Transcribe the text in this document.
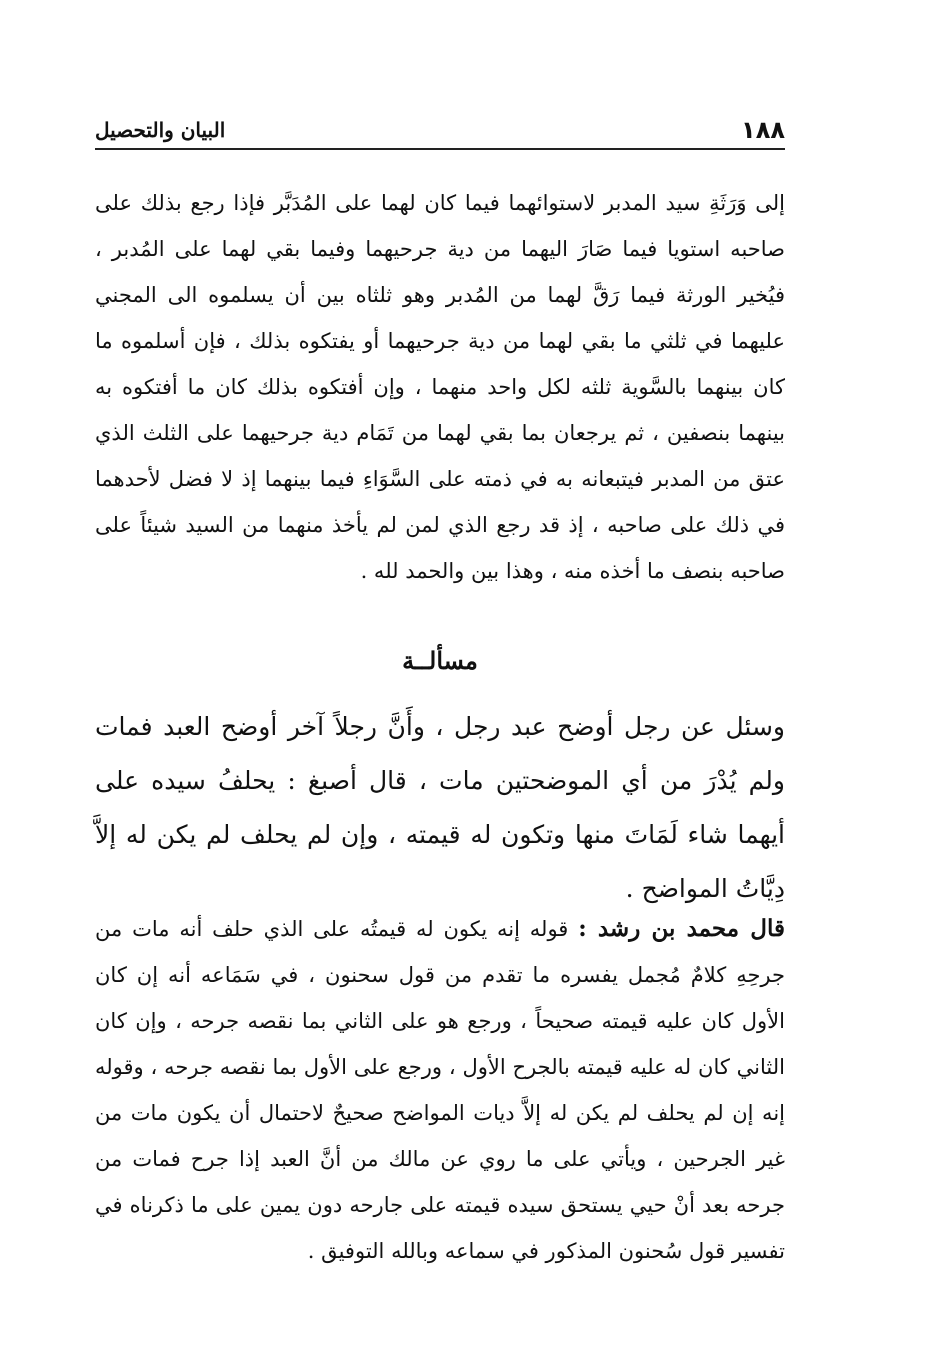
١٨٨
البيان والتحصيل

إلى وَرَثَةِ سيد المدبر لاستوائهما فيما كان لهما على المُدَبَّر فإذا رجع بذلك على صاحبه استويا فيما صَارَ اليهما من دية جرحيهما وفيما بقي لهما على المُدبر ، فيُخير الورثة فيما رَقَّ لهما من المُدبر وهو ثلثاه بين أن يسلموه الى المجني عليهما في ثلثي ما بقي لهما من دية جرحيهما أو يفتكوه بذلك ، فإن أسلموه ما كان بينهما بالسَّوية ثلثه لكل واحد منهما ، وإن أفتكوه بذلك كان ما أفتكوه به بينهما بنصفين ، ثم يرجعان بما بقي لهما من تَمَام دية جرحيهما على الثلث الذي عتق من المدبر فيتبعانه به في ذمته على السَّوَاءِ فيما بينهما إذ لا فضل لأحدهما في ذلك على صاحبه ، إذ قد رجع الذي لمن لم يأخذ منهما من السيد شيئاً على صاحبه بنصف ما أخذه منه ، وهذا بين والحمد لله .

مسألــة

وسئل عن رجل أوضح عبد رجل ، وأَنَّ رجلاً آخر أوضح العبد فمات ولم يُدْرَ من أي الموضحتين مات ، قال أصبغ : يحلفُ سيده على أيهما شاء لَمَاتَ منها وتكون له قيمته ، وإن لم يحلف لم يكن له إلاَّ دِيَّاتُ المواضح .

قال محمد بن رشد : قوله إنه يكون له قيمتُه على الذي حلف أنه مات من جرحِهِ كلامٌ مُجمل يفسره ما تقدم من قول سحنون ، في سَمَاعه أنه إن كان الأول كان عليه قيمته صحيحاً ، ورجع هو على الثاني بما نقصه جرحه ، وإن كان الثاني كان له عليه قيمته بالجرح الأول ، ورجع على الأول بما نقصه جرحه ، وقوله إنه إن لم يحلف لم يكن له إلاَّ ديات المواضح صحيحٌ لاحتمال أن يكون مات من غير الجرحين ، ويأتي على ما روي عن مالك من أنَّ العبد إذا جرح فمات من جرحه بعد أنْ حيي يستحق سيده قيمته على جارحه دون يمين على ما ذكرناه في تفسير قول سُحنون المذكور في سماعه وبالله التوفيق .
